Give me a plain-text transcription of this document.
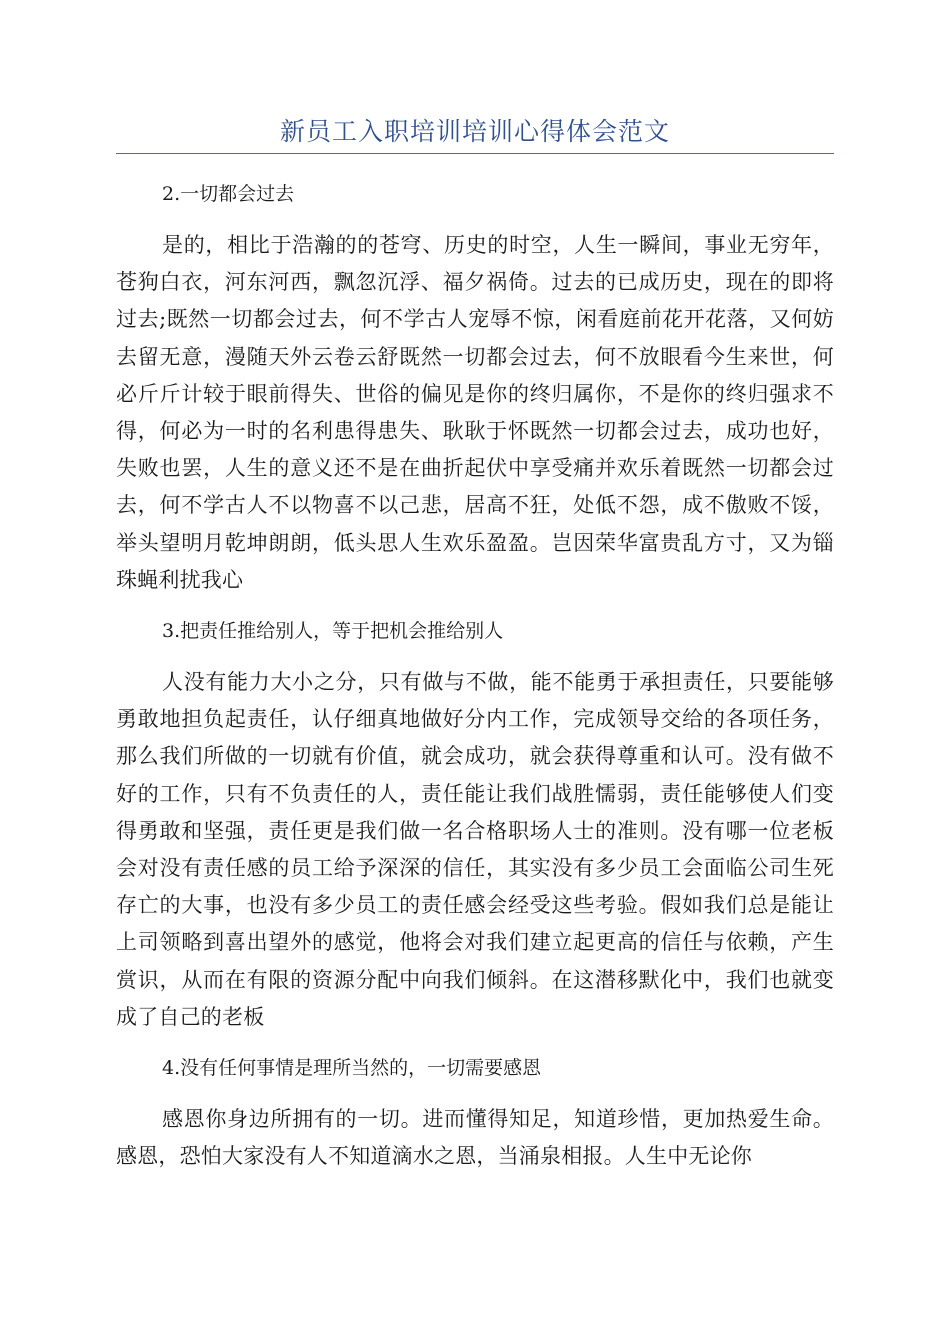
新员工入职培训培训心得体会范文

2.一切都会过去

是的，相比于浩瀚的的苍穹、历史的时空，人生一瞬间，事业无穷年，苍狗白衣，河东河西，飘忽沉浮、福夕祸倚。过去的已成历史，现在的即将过去;既然一切都会过去，何不学古人宠辱不惊，闲看庭前花开花落，又何妨去留无意，漫随天外云卷云舒既然一切都会过去，何不放眼看今生来世，何必斤斤计较于眼前得失、世俗的偏见是你的终归属你，不是你的终归强求不得，何必为一时的名利患得患失、耿耿于怀既然一切都会过去，成功也好，失败也罢，人生的意义还不是在曲折起伏中享受痛并欢乐着既然一切都会过去，何不学古人不以物喜不以己悲，居高不狂，处低不怨，成不傲败不馁，举头望明月乾坤朗朗，低头思人生欢乐盈盈。岂因荣华富贵乱方寸，又为锱珠蝇利扰我心

3.把责任推给别人，等于把机会推给别人

人没有能力大小之分，只有做与不做，能不能勇于承担责任，只要能够勇敢地担负起责任，认仔细真地做好分内工作，完成领导交给的各项任务，那么我们所做的一切就有价值，就会成功，就会获得尊重和认可。没有做不好的工作，只有不负责任的人，责任能让我们战胜懦弱，责任能够使人们变得勇敢和坚强，责任更是我们做一名合格职场人士的准则。没有哪一位老板会对没有责任感的员工给予深深的信任，其实没有多少员工会面临公司生死存亡的大事，也没有多少员工的责任感会经受这些考验。假如我们总是能让上司领略到喜出望外的感觉，他将会对我们建立起更高的信任与依赖，产生赏识，从而在有限的资源分配中向我们倾斜。在这潜移默化中，我们也就变成了自己的老板

4.没有任何事情是理所当然的，一切需要感恩

感恩你身边所拥有的一切。进而懂得知足，知道珍惜，更加热爱生命。感恩，恐怕大家没有人不知道滴水之恩，当涌泉相报。人生中无论你
